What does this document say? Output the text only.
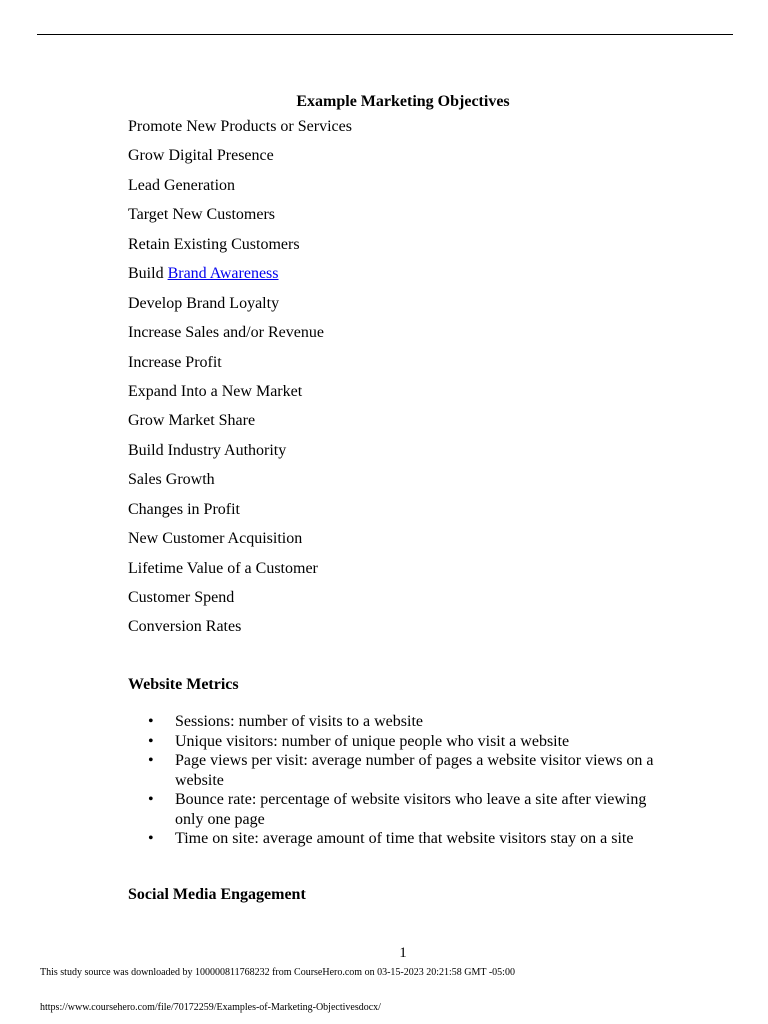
Example Marketing Objectives
Promote New Products or Services
Grow Digital Presence
Lead Generation
Target New Customers
Retain Existing Customers
Build Brand Awareness
Develop Brand Loyalty
Increase Sales and/or Revenue
Increase Profit
Expand Into a New Market
Grow Market Share
Build Industry Authority
Sales Growth
Changes in Profit
New Customer Acquisition
Lifetime Value of a Customer
Customer Spend
Conversion Rates
Website Metrics
• Sessions: number of visits to a website
• Unique visitors: number of unique people who visit a website
• Page views per visit: average number of pages a website visitor views on a website
• Bounce rate: percentage of website visitors who leave a site after viewing only one page
• Time on site: average amount of time that website visitors stay on a site
Social Media Engagement
1
This study source was downloaded by 100000811768232 from CourseHero.com on 03-15-2023 20:21:58 GMT -05:00
https://www.coursehero.com/file/70172259/Examples-of-Marketing-Objectivesdocx/
